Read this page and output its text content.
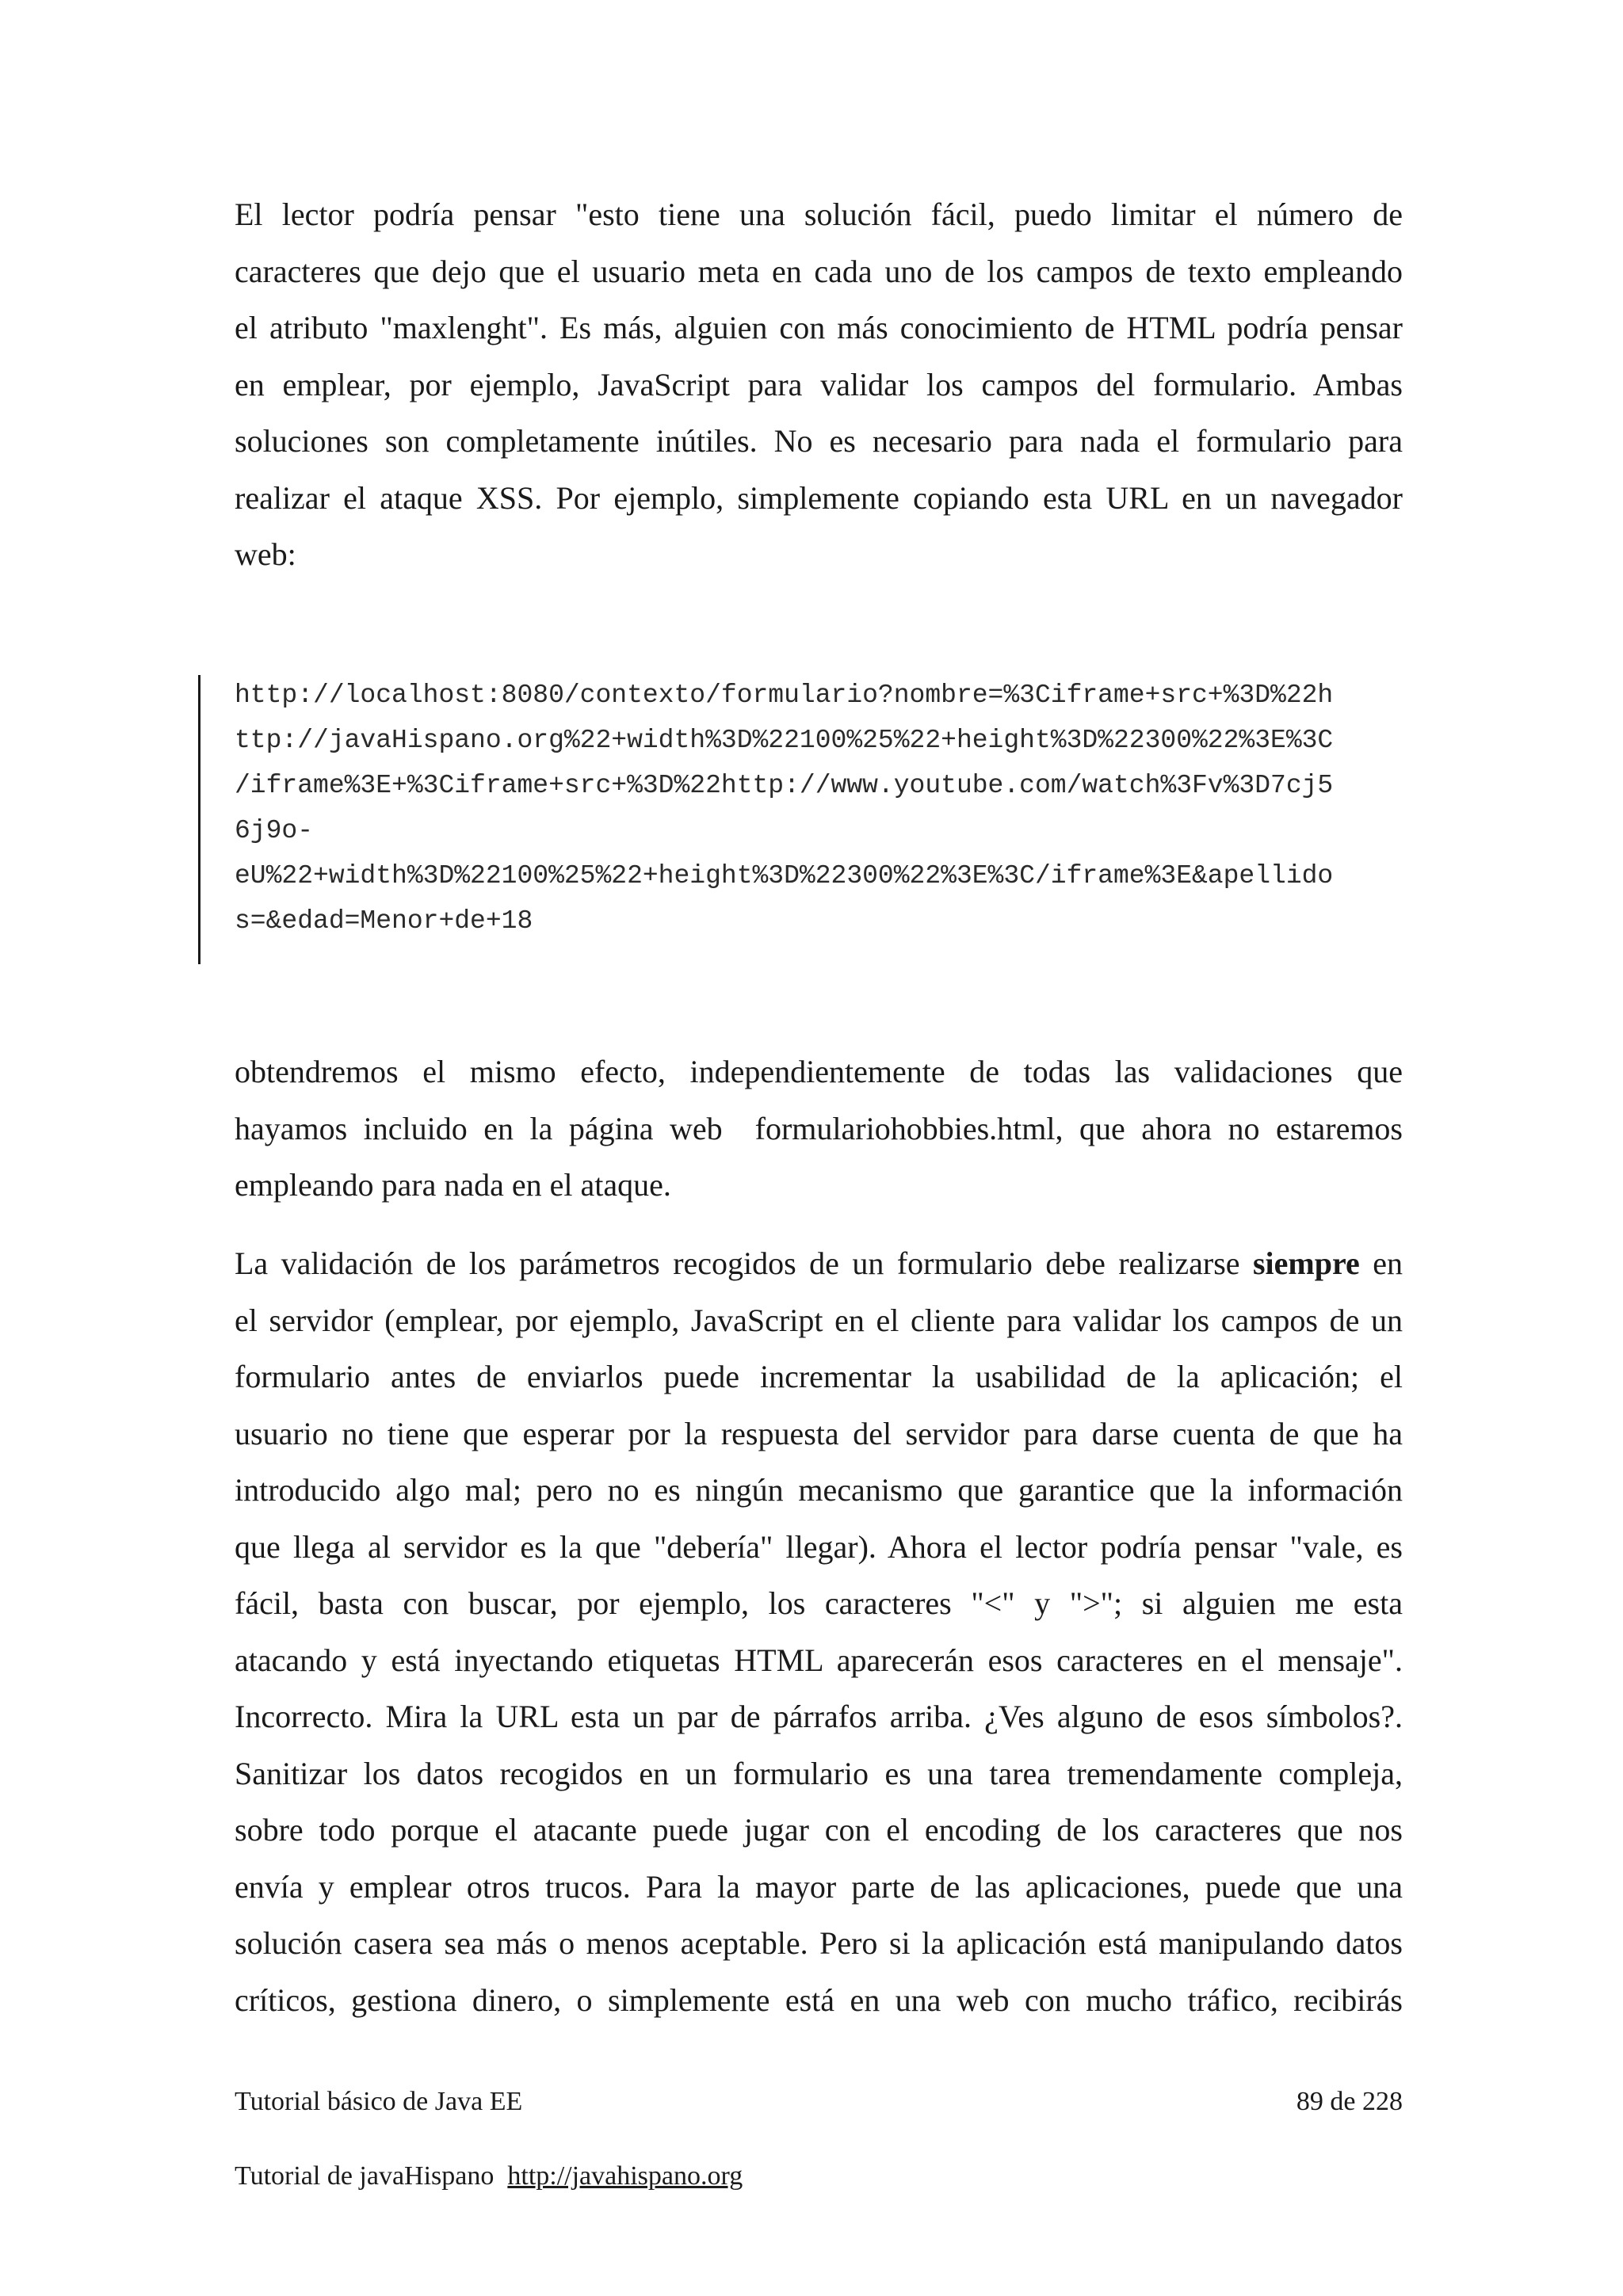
El lector podría pensar "esto tiene una solución fácil, puedo limitar el número de
caracteres que dejo que el usuario meta en cada uno de los campos de texto empleando
el atributo "maxlenght". Es más, alguien con más conocimiento de HTML podría pensar
en emplear, por ejemplo, JavaScript para validar los campos del formulario. Ambas
soluciones son completamente inútiles. No es necesario para nada el formulario para
realizar el ataque XSS. Por ejemplo, simplemente copiando esta URL en un navegador
web:
http://localhost:8080/contexto/formulario?nombre=%3Ciframe+src+%3D%22h
ttp://javaHispano.org%22+width%3D%22100%25%22+height%3D%22300%22%3E%3C
/iframe%3E+%3Ciframe+src+%3D%22http://www.youtube.com/watch%3Fv%3D7cj5
6j9o-
eU%22+width%3D%22100%25%22+height%3D%22300%22%3E%3C/iframe%3E&apellido
s=&edad=Menor+de+18
obtendremos el mismo efecto, independientemente de todas las validaciones que
hayamos incluido en la página web  formulariohobbies.html, que ahora no estaremos
empleando para nada en el ataque.
La validación de los parámetros recogidos de un formulario debe realizarse siempre en
el servidor (emplear, por ejemplo, JavaScript en el cliente para validar los campos de un
formulario antes de enviarlos puede incrementar la usabilidad de la aplicación; el
usuario no tiene que esperar por la respuesta del servidor para darse cuenta de que ha
introducido algo mal; pero no es ningún mecanismo que garantice que la información
que llega al servidor es la que "debería" llegar). Ahora el lector podría pensar "vale, es
fácil, basta con buscar, por ejemplo, los caracteres "<" y ">"; si alguien me esta
atacando y está inyectando etiquetas HTML aparecerán esos caracteres en el mensaje".
Incorrecto. Mira la URL esta un par de párrafos arriba. ¿Ves alguno de esos símbolos?.
Sanitizar los datos recogidos en un formulario es una tarea tremendamente compleja,
sobre todo porque el atacante puede jugar con el encoding de los caracteres que nos
envía y emplear otros trucos. Para la mayor parte de las aplicaciones, puede que una
solución casera sea más o menos aceptable. Pero si la aplicación está manipulando datos
críticos, gestiona dinero, o simplemente está en una web con mucho tráfico, recibirás
Tutorial básico de Java EE	89 de 228
Tutorial de javaHispano http://javahispano.org
